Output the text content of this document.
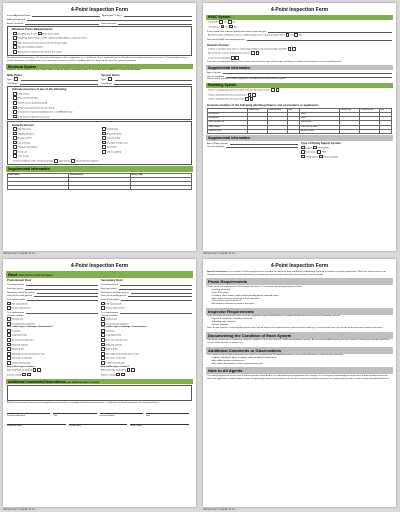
4-Point Inspection Form
Insured/Applicant Name	Application / Policy #
Address Inspected
Actual Year Built	Date Inspected
Minimum Photo Requirements:
Dwelling: Each side	Roof: Each slope
Plumbing: Water heater, under cabinet plumbing/drains, exposed valves
Main electrical service panel with interior door label
Electrical box/panel photo
All hazards or deficiencies noted in this report
Be advised that Underwriting will rely on the information in this sample form, or a similar form, that is obtained from the Florida licensed professional of your choice. This information only is used to determine insurability and is not a warranty or assurance of the suitability, fitness or longevity of any of the systems inspected.
Electrical System
Separate documentation of any single whole-structure wiring renovation must be provided and certified by a licensed electrician.
Main Panel
Type:
Total Amps:
Second Panel
Type:
Total Amps:
Indicate presence of any of the following:
Cloth wiring
Active knob and tube
Branch circuit aluminum wiring
Single strand aluminum branch wiring
Connections repaired via AlumiConn or COPALUM crimp
Connections repaired via twist-on
Hazards Present
Blowing fuses
Tripping breakers
Empty sockets
Loose wiring
Improper grounding
Corrosion
Over fusing
Double taps
Exposed wiring
Unsafe wiring
Improper breaker size
Scorching
Other (explain)
General condition of the electrical system: Satisfactory Unsatisfactory (explain)
Supplemental information
Main Panel	Second Panel	Wiring Type
Sample Form Insp4pt 01 21
4-Point Inspection Form
HVAC System
Central AC Yes No
Central heat Yes No
If not central heat, indicate primary heat source and fuel type:
Are the heating, ventilation and air conditioning systems in good working order? Yes No
Date of last HVAC servicing/inspection:
Hazards Present
Is there a wood-burning stove or central gas fireplace not professionally installed?
Space heater used as primary heat source?
Is the source portable?
Does the air handler/condensate line or drain pan show any signs of blockage or leakage, including water damage to the surrounding area?
Supplemental information
Age of system
Year last updated
Please attach photo(s) of HVAC equipment, including dated manufacturer's plate.
Plumbing System
Is there a temperature pressure relief valve on the water heater?
Is there any indication of an active leak?
Is there any indication of a prior leak?
General condition of the following plumbing fixtures and connections to appliances:
Satisfactory	Unsatisfactory	N/A	Satisfactory	Unsatisfactory	N/A
Dishwasher	Toilets
Refrigerator	Sinks
Washing machine	Sump pump
Water heater	Main shut off valve
Showers/Tubs	All other visible
Supplemental information
Age of Piping System
Year last updated
Type of Piping Supply System
Copper PVC/CPVC
Galvanized PEX
Polybutylene Other (specify)
Sample Form Insp4pt 01 21
4-Point Inspection Form
Roof (Note photos of each roof slope.)
Predominant Roof
Covering material
Roof age (years)
Remaining useful life (years)
Date of last roofing permit
Date of last update
Full replacement
Partial replacement
% of replacement
Overall condition
Satisfactory
Unsatisfactory (explain)
Any visible signs of damage / deterioration?
Cracking
Cupping/curling
Excessive granule loss
Exposed asphalt
Exposed felt
Missing/loose/cracked tabs or tiles
Soft spots in decking
Visible hail damage
Any visible signs of leaks?
Attic/underside of decking
Interior ceilings
Secondary Roof
Covering material
Roof age (years)
Remaining useful life (years)
Date of last roofing permit
Date of last update
Full replacement
Partial replacement
% of replacement
Overall condition
Satisfactory
Unsatisfactory (explain)
Any visible signs of damage / deterioration?
Cracking
Cupping/curling
Excessive granule loss
Exposed asphalt
Exposed felt
Missing/loose/cracked tabs or tiles
Soft spots in decking
Visible hail damage
Any visible signs of leaks?
Attic/underside of decking
Interior ceilings
Additional Comments/Observations (use additional pages if needed)
All 4-Point Inspection Forms must be completed and signed by a verifiable Florida-licensed inspector. I certify that the above statements are true and correct.
Inspector Signature	Title	License Number	Date
Company Name	License Type	Work Phone
Sample Form Insp4pt 01 21
4-Point Inspection Form
Special Instructions: The sample 4-Point Inspection Form includes the minimum data needed for Underwriting to properly evaluate a property application. While this specific form is not required, any other inspection report submitted for consideration must include at least the level of detail to be acceptable.
Photo Requirements
Photos must accompany each 4-Point Inspection Form. The minimum photo requirements include:
• Dwelling: Each side
• Roof: Each slope
• Plumbing: Water heater, under-cabinet plumbing/drains, exposed valves
• Main electrical service panel with interior door label
• Electrical box with the panel off
• All hazards or deficiencies noted in this report
Inspector Requirements
To be accepted, all inspection forms must be completed, signed and dated by a verifiable Florida-licensed professional. Examples include:
• A general, residential, or building contractor
• A building code inspector
• A home inspector
Note: If trade specific, licensed professionals must sign off only on the inspection form section for their trade (e.g., an electrician may sign off only on the electrical section of the form.)
Documenting the Condition of Each System
This 4-point inspection is required to verify the condition of the roof, electrical, HVAC and plumbing systems. An accurate condition means that each system is working as intended and there are no visible hazards or deficiencies.
Additional Comments or Observations
This section of the 4-Point Inspection Form must be completed with full details/descriptions if any of the following are noted on the inspection:
• Updates: Identify the types of updates, dates completed and by whom
• Any visible hazards or deficiencies
• Any system determined not to be in good working order
Note to All Agents
The writing agent must review each 4-Point Inspection Form before it is submitted with an application for coverage. It is the agent's responsibility to ensure that all data and documents are within the application is bound. Agents may not submit applications for properties with electrical, heating or plumbing systems not in good working order or with existing hazards/deficiencies.
Sample Form Insp4pt 01 21
